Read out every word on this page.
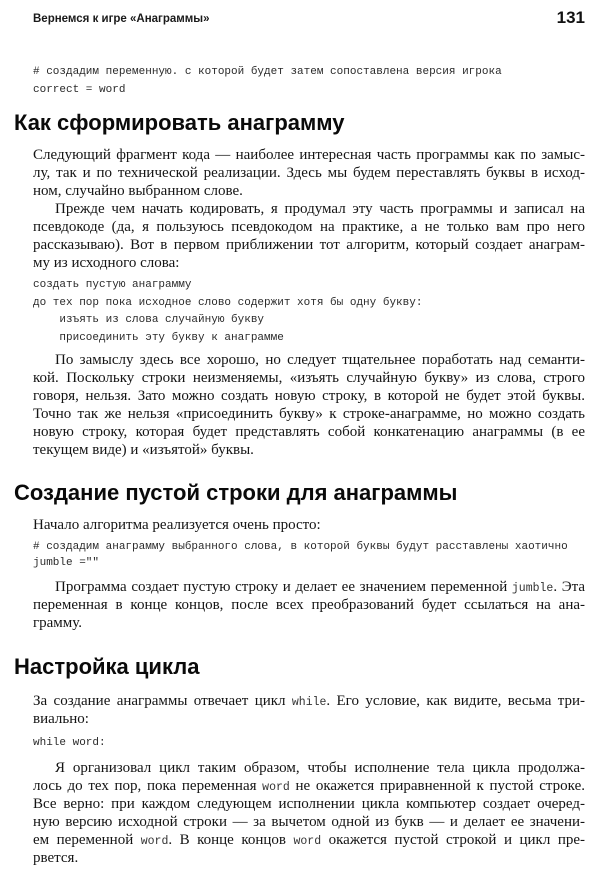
Вернемся к игре «Анаграммы»	131
# создадим переменную. с которой будет затем сопоставлена версия игрока
correct = word
Как сформировать анаграмму
Следующий фрагмент кода — наиболее интересная часть программы как по замыс-
лу, так и по технической реализации. Здесь мы будем переставлять буквы в исход-
ном, случайно выбранном слове.
Прежде чем начать кодировать, я продумал эту часть программы и записал на
псевдокоде (да, я пользуюсь псевдокодом на практике, а не только вам про него
рассказываю). Вот в первом приближении тот алгоритм, который создает анаграм-
му из исходного слова:
создать пустую анаграмму
до тех пор пока исходное слово содержит хотя бы одну букву:
изъять из слова случайную букву
присоединить эту букву к анаграмме
По замыслу здесь все хорошо, но следует тщательнее поработать над семанти-
кой. Поскольку строки неизменяемы, «изъять случайную букву» из слова, строго
говоря, нельзя. Зато можно создать новую строку, в которой не будет этой буквы.
Точно так же нельзя «присоединить букву» к строке-анаграмме, но можно создать
новую строку, которая будет представлять собой конкатенацию анаграммы (в ее
текущем виде) и «изъятой» буквы.
Создание пустой строки для анаграммы
Начало алгоритма реализуется очень просто:
# создадим анаграмму выбранного слова, в которой буквы будут расставлены хаотично
jumble =""
Программа создает пустую строку и делает ее значением переменной jumble. Эта
переменная в конце концов, после всех преобразований будет ссылаться на ана-
грамму.
Настройка цикла
За создание анаграммы отвечает цикл while. Его условие, как видите, весьма три-
виально:
while word:
Я организовал цикл таким образом, чтобы исполнение тела цикла продолжа-
лось до тех пор, пока переменная word не окажется приравненной к пустой строке.
Все верно: при каждом следующем исполнении цикла компьютер создает очеред-
ную версию исходной строки — за вычетом одной из букв — и делает ее значени-
ем переменной word. В конце концов word окажется пустой строкой и цикл пре-
рвется.
